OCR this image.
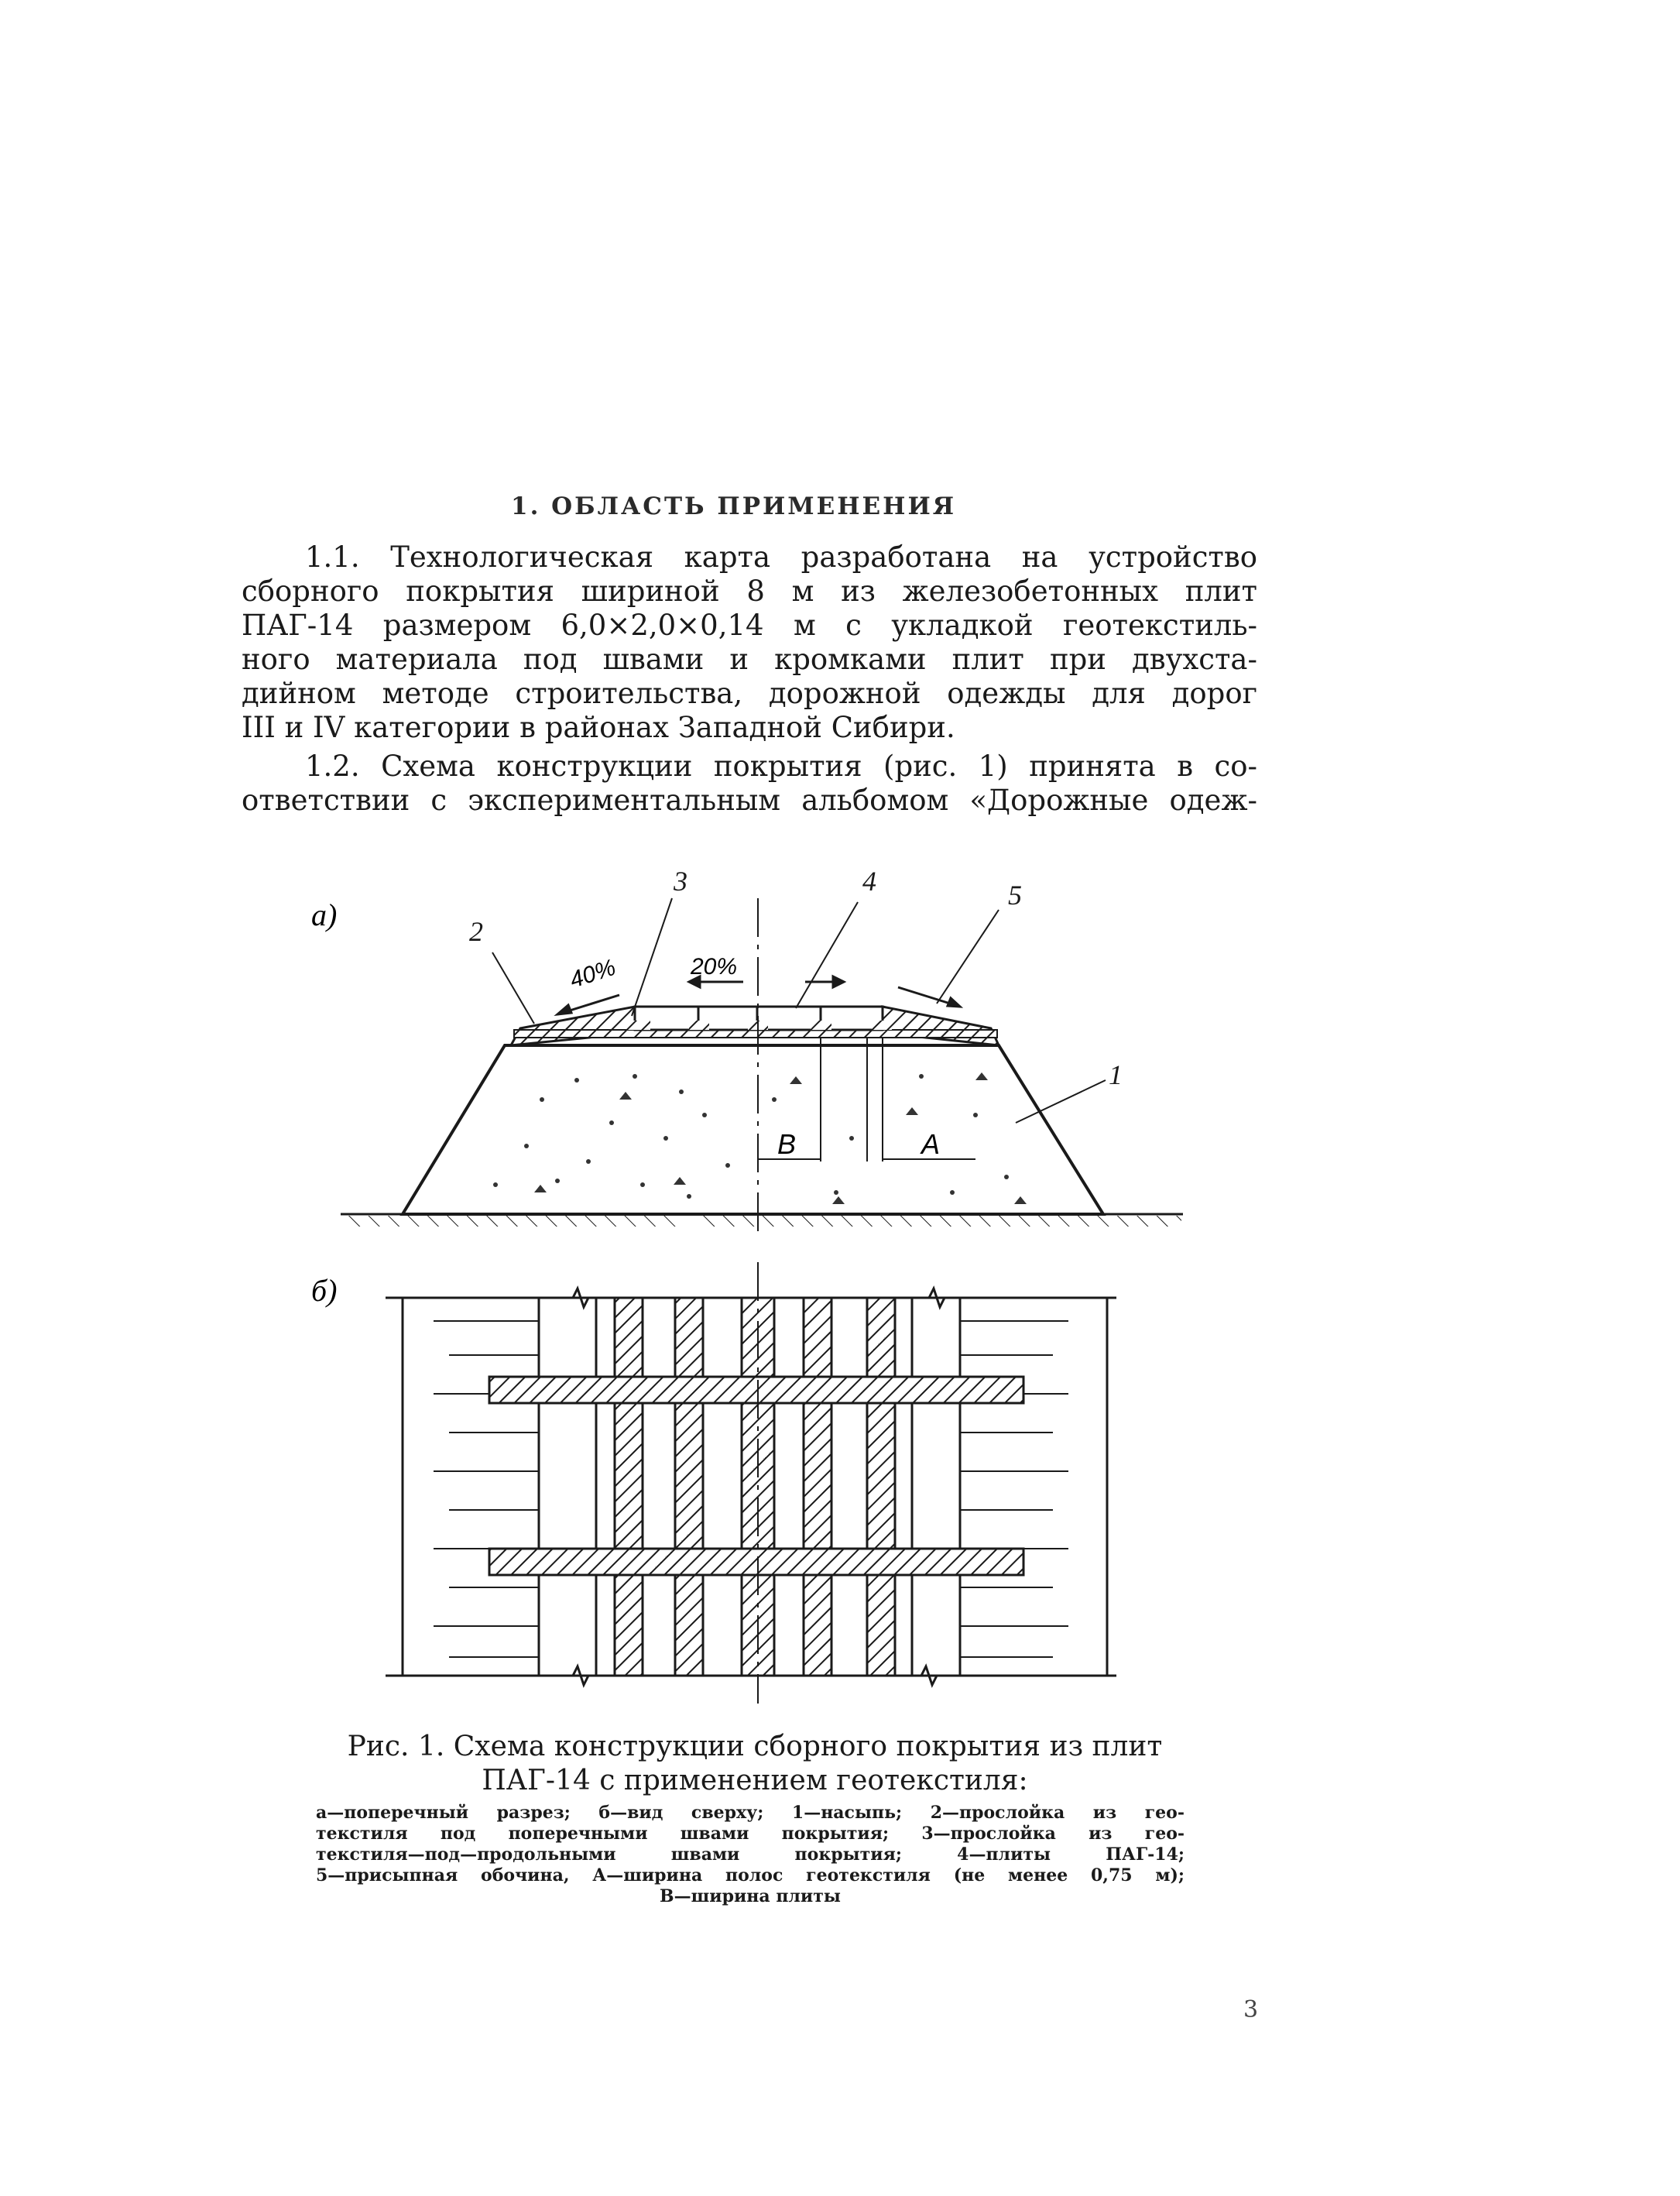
1. ОБЛАСТЬ ПРИМЕНЕНИЯ

1.1. Технологическая карта разработана на устройство
сборного покрытия шириной 8 м из железобетонных плит
ПАГ-14 размером 6,0×2,0×0,14 м с укладкой геотекстиль-
ного материала под швами и кромками плит при двухста-
дийном методе строительства, дорожной одежды для дорог
III и IV категории в районах Западной Сибири.

1.2. Схема конструкции покрытия (рис. 1) принята в со-
ответствии с экспериментальным альбомом «Дорожные одеж-

а)
B	A
40%	20%
2
3	4	5
1
б)
Рис. 1. Схема конструкции сборного покрытия из плит
ПАГ-14 с применением геотекстиля:
а—поперечный разрез; б—вид сверху; 1—насыпь; 2—прослойка из гео-
текстиля под поперечными швами покрытия; 3—прослойка из гео-
текстиля—под—продольными швами покрытия; 4—плиты ПАГ-14;
5—присыпная обочина, А—ширина полос геотекстиля (не менее 0,75 м);
В—ширина плиты
3
